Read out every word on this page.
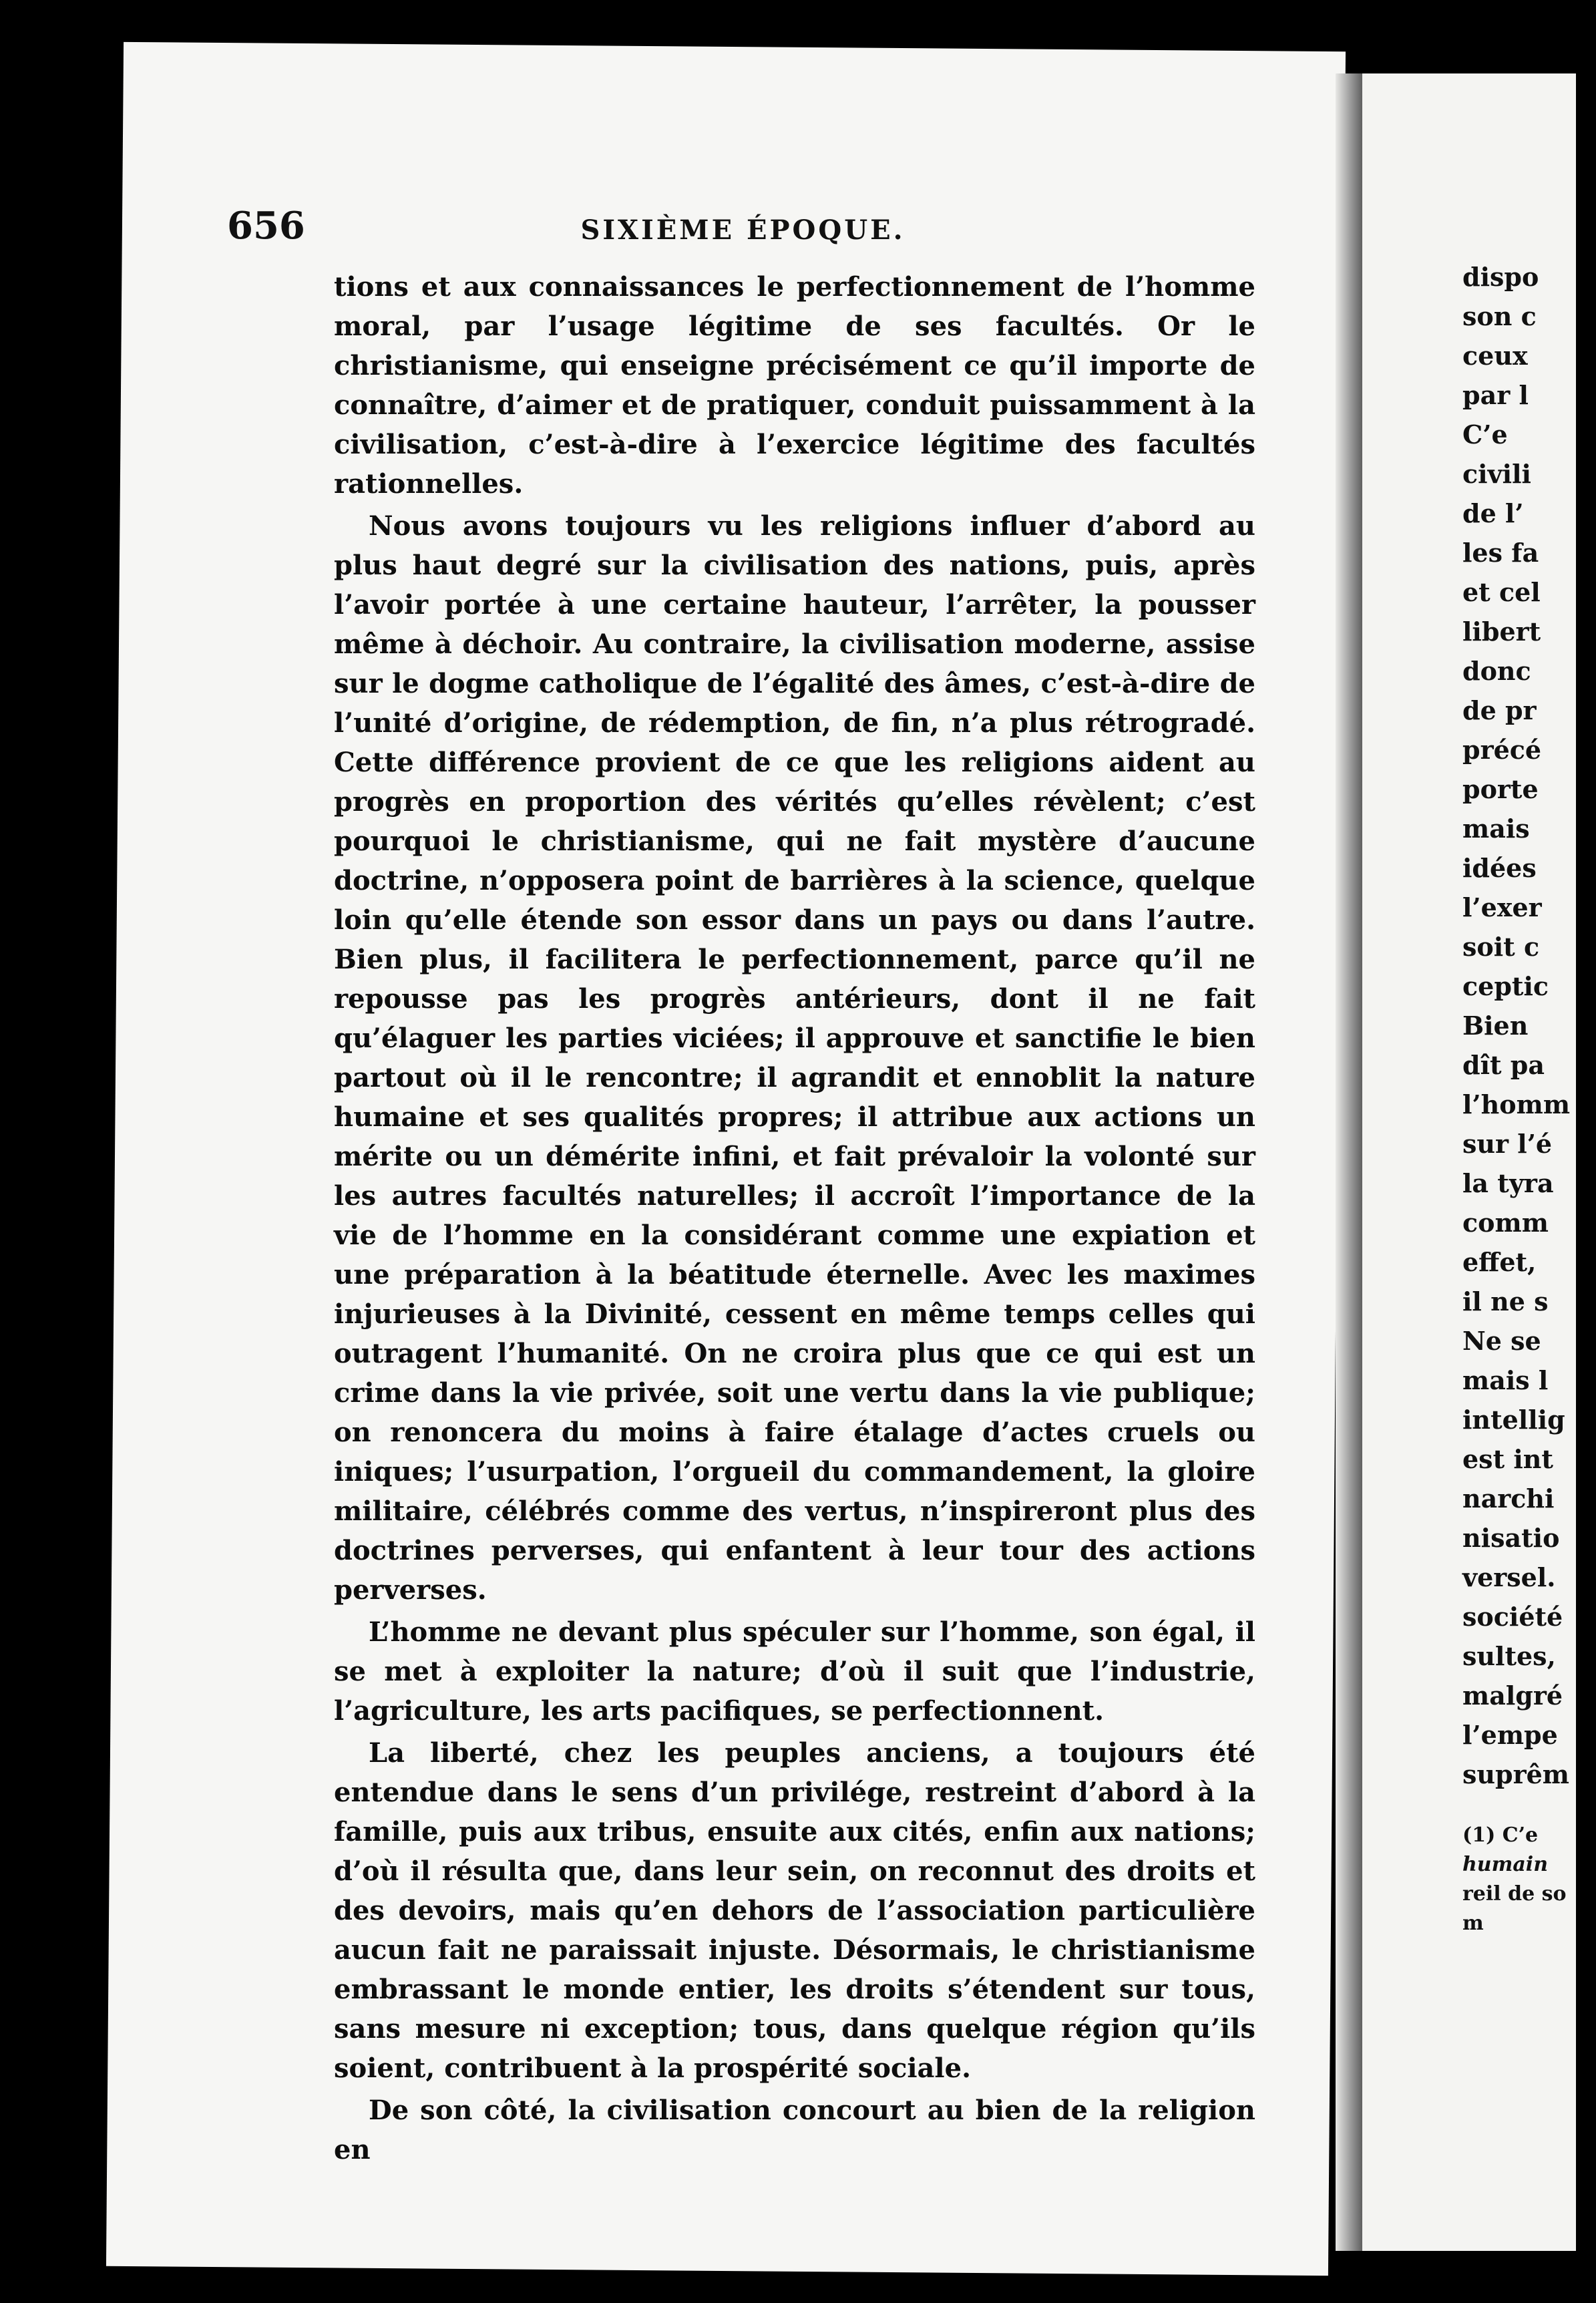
656	SIXIÈME ÉPOQUE.

tions et aux connaissances le perfectionnement de l’homme moral, par l’usage légitime de ses facultés. Or le christianisme, qui enseigne précisément ce qu’il importe de connaître, d’aimer et de pratiquer, conduit puissamment à la civilisation, c’est-à-dire à l’exercice légitime des facultés rationnelles.

Nous avons toujours vu les religions influer d’abord au plus haut degré sur la civilisation des nations, puis, après l’avoir portée à une certaine hauteur, l’arrêter, la pousser même à déchoir. Au contraire, la civilisation moderne, assise sur le dogme catholique de l’égalité des âmes, c’est-à-dire de l’unité d’origine, de rédemption, de fin, n’a plus rétrogradé. Cette différence provient de ce que les religions aident au progrès en proportion des vérités qu’elles révèlent; c’est pourquoi le christianisme, qui ne fait mystère d’aucune doctrine, n’opposera point de barrières à la science, quelque loin qu’elle étende son essor dans un pays ou dans l’autre. Bien plus, il facilitera le perfectionnement, parce qu’il ne repousse pas les progrès antérieurs, dont il ne fait qu’élaguer les parties viciées; il approuve et sanctifie le bien partout où il le rencontre; il agrandit et ennoblit la nature humaine et ses qualités propres; il attribue aux actions un mérite ou un démérite infini, et fait prévaloir la volonté sur les autres facultés naturelles; il accroît l’importance de la vie de l’homme en la considérant comme une expiation et une préparation à la béatitude éternelle. Avec les maximes injurieuses à la Divinité, cessent en même temps celles qui outragent l’humanité. On ne croira plus que ce qui est un crime dans la vie privée, soit une vertu dans la vie publique; on renoncera du moins à faire étalage d’actes cruels ou iniques; l’usurpation, l’orgueil du commandement, la gloire militaire, célébrés comme des vertus, n’inspireront plus des doctrines perverses, qui enfantent à leur tour des actions perverses.

L’homme ne devant plus spéculer sur l’homme, son égal, il se met à exploiter la nature; d’où il suit que l’industrie, l’agriculture, les arts pacifiques, se perfectionnent.

La liberté, chez les peuples anciens, a toujours été entendue dans le sens d’un privilége, restreint d’abord à la famille, puis aux tribus, ensuite aux cités, enfin aux nations; d’où il résulta que, dans leur sein, on reconnut des droits et des devoirs, mais qu’en dehors de l’association particulière aucun fait ne paraissait injuste. Désormais, le christianisme embrassant le monde entier, les droits s’étendent sur tous, sans mesure ni exception; tous, dans quelque région qu’ils soient, contribuent à la prospérité sociale.

De son côté, la civilisation concourt au bien de la religion en

dispo
son c
ceux
par l
C’e
civili
de l’
les fa
et cel
libert
donc
de pr
précé
porte
mais
idées
l’exer
soit c
ceptic
Bien
dît pa
l’homm
sur l’é
la tyra
comm
effet,
il ne s
Ne se
mais l
intellig
est int
narchi
nisatio
versel.
société
sultes,
malgré
l’empe
suprêm
(1) C’e
humain
reil de so
m
